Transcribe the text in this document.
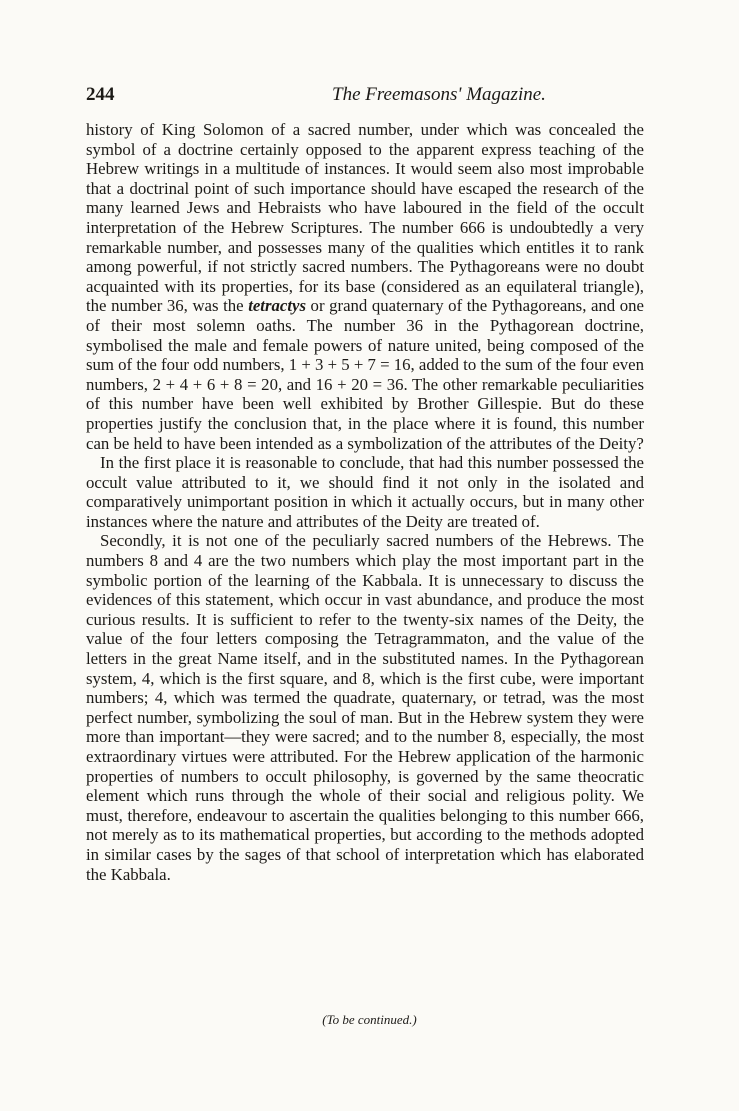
244	The Freemasons' Magazine.

history of King Solomon of a sacred number, under which was concealed the symbol of a doctrine certainly opposed to the apparent express teaching of the Hebrew writings in a multitude of instances. It would seem also most improbable that a doctrinal point of such importance should have escaped the research of the many learned Jews and Hebraists who have laboured in the field of the occult interpretation of the Hebrew Scriptures. The number 666 is undoubtedly a very remarkable number, and possesses many of the qualities which entitles it to rank among powerful, if not strictly sacred numbers. The Pythagoreans were no doubt acquainted with its properties, for its base (considered as an equilateral triangle), the number 36, was the tetractys or grand quaternary of the Pythagoreans, and one of their most solemn oaths. The number 36 in the Pythagorean doctrine, symbolised the male and female powers of nature united, being composed of the sum of the four odd numbers, 1 + 3 + 5 + 7 = 16, added to the sum of the four even numbers, 2 + 4 + 6 + 8 = 20, and 16 + 20 = 36. The other remarkable peculiarities of this number have been well exhibited by Brother Gillespie. But do these properties justify the conclusion that, in the place where it is found, this number can be held to have been intended as a symbolization of the attributes of the Deity?

In the first place it is reasonable to conclude, that had this number possessed the occult value attributed to it, we should find it not only in the isolated and comparatively unimportant position in which it actually occurs, but in many other instances where the nature and attributes of the Deity are treated of.

Secondly, it is not one of the peculiarly sacred numbers of the Hebrews. The numbers 8 and 4 are the two numbers which play the most important part in the symbolic portion of the learning of the Kabbala. It is unnecessary to discuss the evidences of this statement, which occur in vast abundance, and produce the most curious results. It is sufficient to refer to the twenty-six names of the Deity, the value of the four letters composing the Tetragrammaton, and the value of the letters in the great Name itself, and in the substituted names. In the Pythagorean system, 4, which is the first square, and 8, which is the first cube, were important numbers; 4, which was termed the quadrate, quaternary, or tetrad, was the most perfect number, symbolizing the soul of man. But in the Hebrew system they were more than important—they were sacred; and to the number 8, especially, the most extraordinary virtues were attributed. For the Hebrew application of the harmonic properties of numbers to occult philosophy, is governed by the same theocratic element which runs through the whole of their social and religious polity. We must, therefore, endeavour to ascertain the qualities belonging to this number 666, not merely as to its mathematical properties, but according to the methods adopted in similar cases by the sages of that school of interpretation which has elaborated the Kabbala.

(To be continued.)
